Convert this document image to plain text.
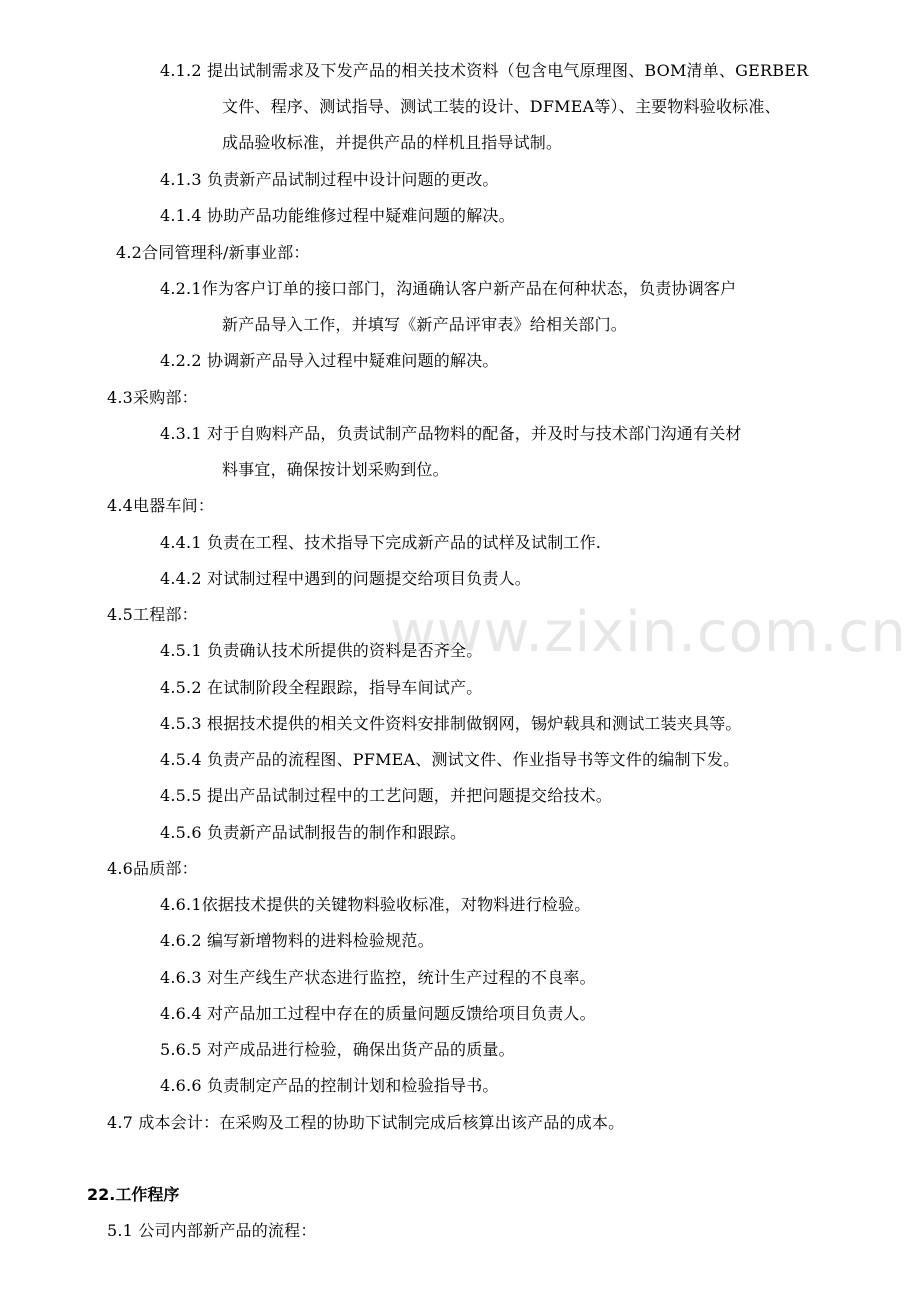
www.zixin.com.cn
4.1.2 提出试制需求及下发产品的相关技术资料（包含电气原理图、BOM清单、GERBER
文件、程序、测试指导、测试工装的设计、DFMEA等）、主要物料验收标准、
成品验收标准，并提供产品的样机且指导试制。
4.1.3 负责新产品试制过程中设计问题的更改。
4.1.4 协助产品功能维修过程中疑难问题的解决。
4.2合同管理科/新事业部：
4.2.1作为客户订单的接口部门，沟通确认客户新产品在何种状态，负责协调客户
新产品导入工作，并填写《新产品评审表》给相关部门。
4.2.2 协调新产品导入过程中疑难问题的解决。
4.3采购部：
4.3.1 对于自购料产品，负责试制产品物料的配备，并及时与技术部门沟通有关材
料事宜，确保按计划采购到位。
4.4电器车间：
4.4.1 负责在工程、技术指导下完成新产品的试样及试制工作.
4.4.2 对试制过程中遇到的问题提交给项目负责人。
4.5工程部：
4.5.1 负责确认技术所提供的资料是否齐全。
4.5.2 在试制阶段全程跟踪，指导车间试产。
4.5.3 根据技术提供的相关文件资料安排制做钢网，锡炉载具和测试工装夹具等。
4.5.4 负责产品的流程图、PFMEA、测试文件、作业指导书等文件的编制下发。
4.5.5 提出产品试制过程中的工艺问题，并把问题提交给技术。
4.5.6 负责新产品试制报告的制作和跟踪。
4.6品质部：
4.6.1依据技术提供的关键物料验收标准，对物料进行检验。
4.6.2 编写新增物料的进料检验规范。
4.6.3 对生产线生产状态进行监控，统计生产过程的不良率。
4.6.4 对产品加工过程中存在的质量问题反馈给项目负责人。
5.6.5 对产成品进行检验，确保出货产品的质量。
4.6.6 负责制定产品的控制计划和检验指导书。
4.7 成本会计：在采购及工程的协助下试制完成后核算出该产品的成本。
22.工作程序
5.1 公司内部新产品的流程：
